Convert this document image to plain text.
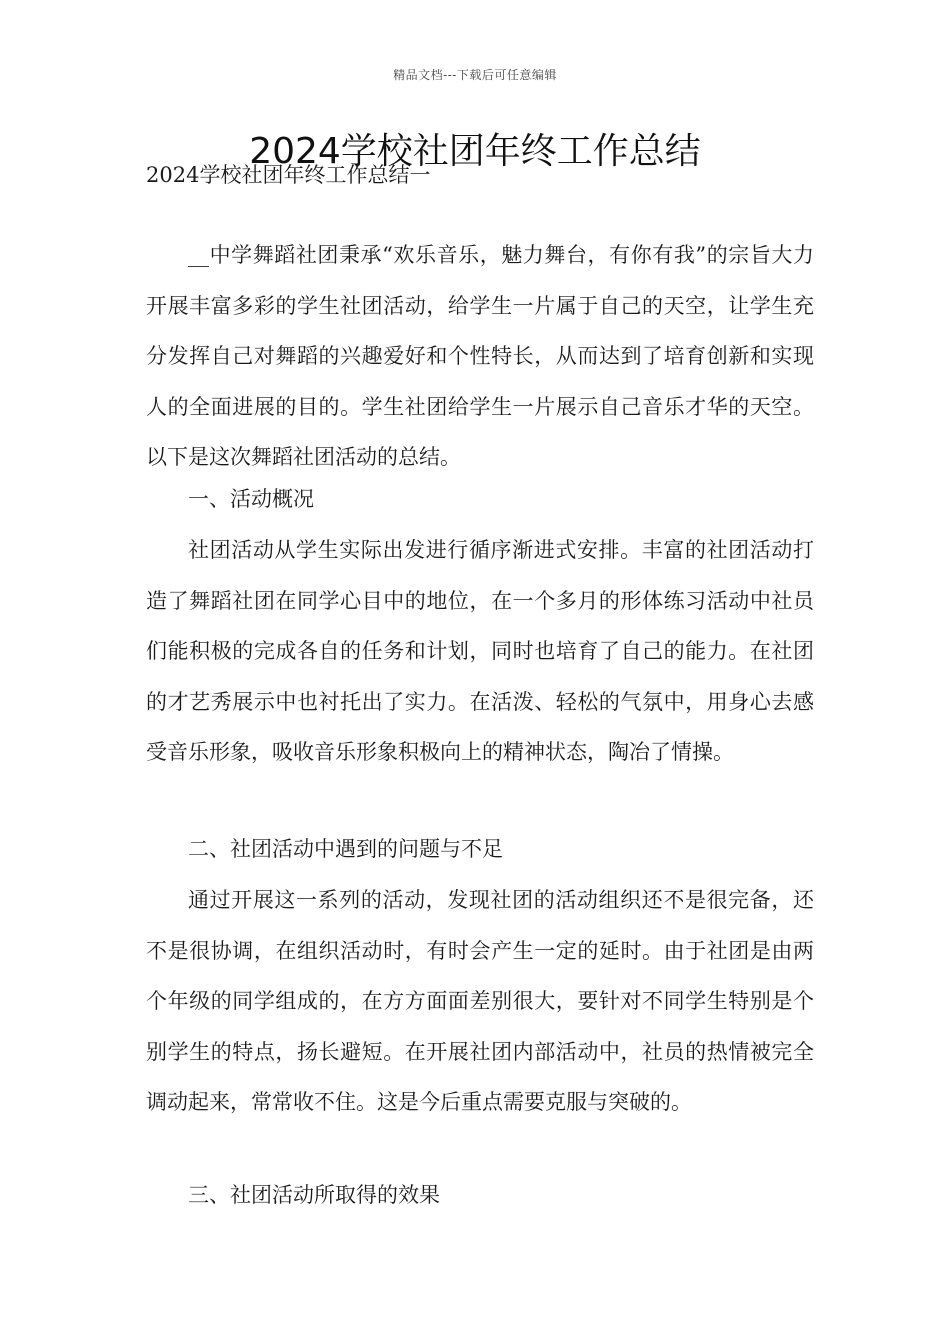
精品文档---下载后可任意编辑
2024学校社团年终工作总结
2024学校社团年终工作总结一

__中学舞蹈社团秉承“欢乐音乐，魅力舞台，有你有我”的宗旨大力开展丰富多彩的学生社团活动，给学生一片属于自己的天空，让学生充分发挥自己对舞蹈的兴趣爱好和个性特长，从而达到了培育创新和实现人的全面进展的目的。学生社团给学生一片展示自己音乐才华的天空。以下是这次舞蹈社团活动的总结。

一、活动概况

社团活动从学生实际出发进行循序渐进式安排。丰富的社团活动打造了舞蹈社团在同学心目中的地位，在一个多月的形体练习活动中社员们能积极的完成各自的任务和计划，同时也培育了自己的能力。在社团的才艺秀展示中也衬托出了实力。在活泼、轻松的气氛中，用身心去感受音乐形象，吸收音乐形象积极向上的精神状态，陶冶了情操。

二、社团活动中遇到的问题与不足

通过开展这一系列的活动，发现社团的活动组织还不是很完备，还不是很协调，在组织活动时，有时会产生一定的延时。由于社团是由两个年级的同学组成的，在方方面面差别很大，要针对不同学生特别是个别学生的特点，扬长避短。在开展社团内部活动中，社员的热情被完全调动起来，常常收不住。这是今后重点需要克服与突破的。

三、社团活动所取得的效果
